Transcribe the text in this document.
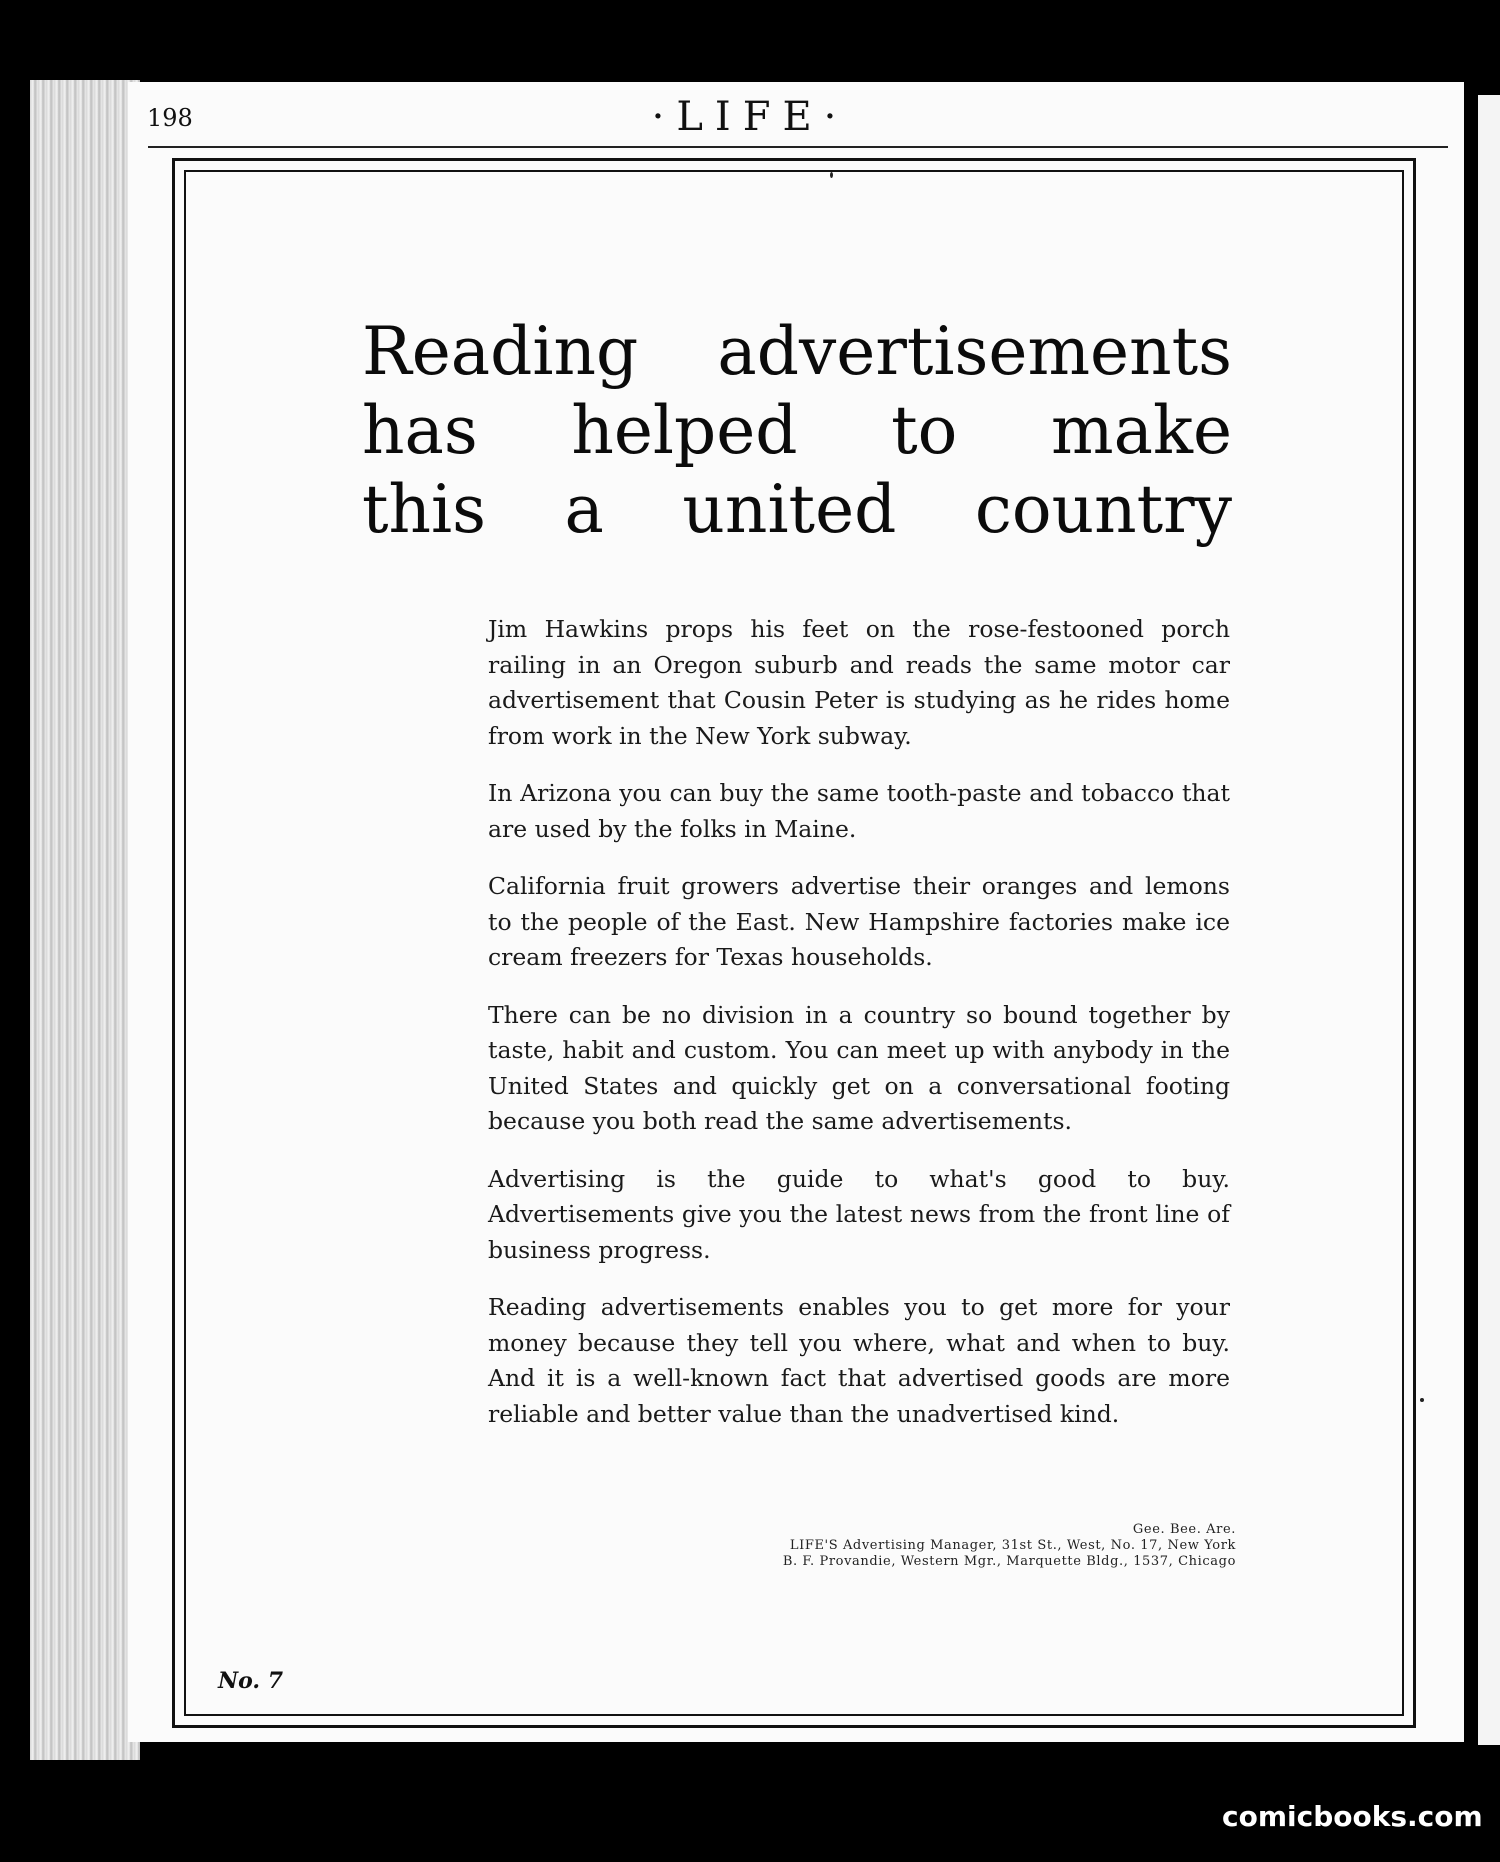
198	·LIFE·
Reading advertisements
has helped to make
this a united country

Jim Hawkins props his feet on the rose-festooned porch railing in an Oregon suburb and reads the same motor car advertisement that Cousin Peter is studying as he rides home from work in the New York subway.

In Arizona you can buy the same tooth-paste and tobacco that are used by the folks in Maine.

California fruit growers advertise their oranges and lemons to the people of the East. New Hampshire factories make ice cream freezers for Texas households.

There can be no division in a country so bound together by taste, habit and custom. You can meet up with anybody in the United States and quickly get on a conversational footing because you both read the same advertisements.

Advertising is the guide to what's good to buy. Advertisements give you the latest news from the front line of business progress.

Reading advertisements enables you to get more for your money because they tell you where, what and when to buy. And it is a well-known fact that advertised goods are more reliable and better value than the unadvertised kind.

Gee. Bee. Are.
LIFE'S Advertising Manager, 31st St., West, No. 17, New York
B. F. Provandie, Western Mgr., Marquette Bldg., 1537, Chicago
No. 7
comicbooks.com
